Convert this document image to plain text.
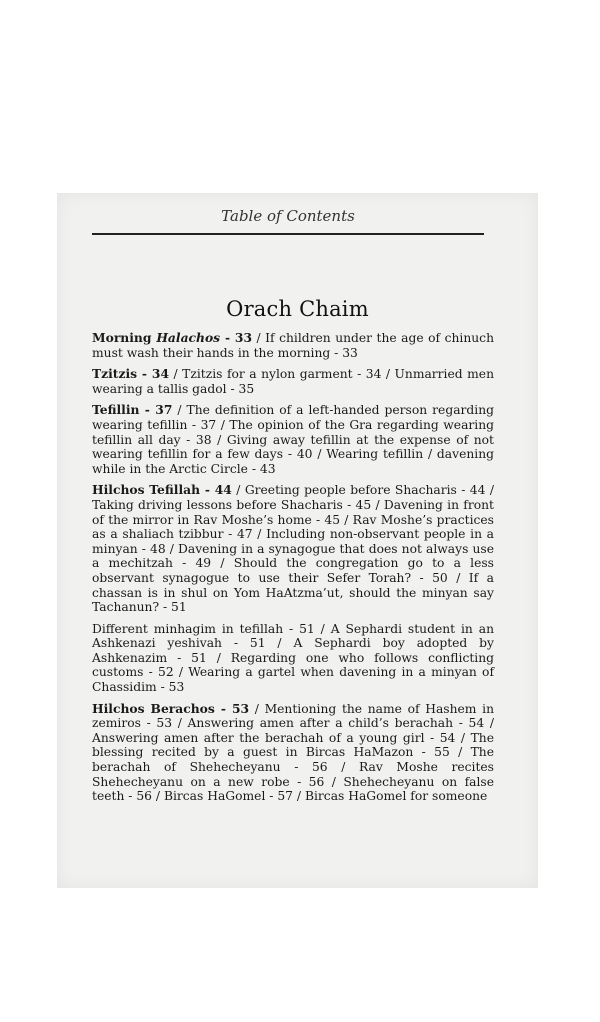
Table of Contents
Orach Chaim

Morning Halachos - 33 / If children under the age of chinuch must wash their hands in the morning - 33

Tzitzis - 34 / Tzitzis for a nylon garment - 34 / Unmarried men wearing a tallis gadol - 35

Tefillin - 37 / The definition of a left-handed person regarding wearing tefillin - 37 / The opinion of the Gra regarding wearing tefillin all day - 38 / Giving away tefillin at the expense of not wearing tefillin for a few days - 40 / Wearing tefillin / davening while in the Arctic Circle - 43

Hilchos Tefillah - 44 / Greeting people before Shacharis - 44 / Taking driving lessons before Shacharis - 45 / Davening in front of the mirror in Rav Moshe’s home - 45 / Rav Moshe’s practices as a shaliach tzibbur - 47 / Including non-observant people in a minyan - 48 / Davening in a synagogue that does not always use a mechitzah - 49 / Should the congregation go to a less observant synagogue to use their Sefer Torah? - 50 / If a chassan is in shul on Yom HaAtzma’ut, should the minyan say Tachanun? - 51

Different minhagim in tefillah - 51 / A Sephardi student in an Ashkenazi yeshivah - 51 / A Sephardi boy adopted by Ashkenazim - 51 / Regarding one who follows conflicting customs - 52 / Wearing a gartel when davening in a minyan of Chassidim - 53

Hilchos Berachos - 53 / Mentioning the name of Hashem in zemiros - 53 / Answering amen after a child’s berachah - 54 / Answering amen after the berachah of a young girl - 54 / The blessing recited by a guest in Bircas HaMazon - 55 / The berachah of Shehecheyanu - 56 / Rav Moshe recites Shehecheyanu on a new robe - 56 / Shehecheyanu on false teeth - 56 / Bircas HaGomel - 57 / Bircas HaGomel for someone
